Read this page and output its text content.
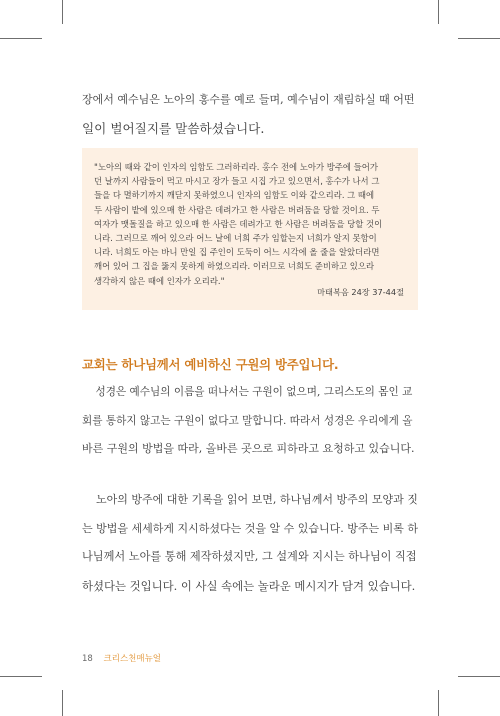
장에서 예수님은 노아의 홍수를 예로 들며, 예수님이 재림하실 때 어떤
일이 벌어질지를 말씀하셨습니다.
"노아의 때와 같이 인자의 임함도 그러하리라. 홍수 전에 노아가 방주에 들어가
던 날까지 사람들이 먹고 마시고 장가 들고 시집 가고 있으면서, 홍수가 나서 그
들을 다 멸하기까지 깨닫지 못하였으니 인자의 임함도 이와 같으리라. 그 때에
두 사람이 밭에 있으매 한 사람은 데려가고 한 사람은 버려둠을 당할 것이요. 두
여자가 맷돌질을 하고 있으매 한 사람은 데려가고 한 사람은 버려둠을 당할 것이
니라. 그러므로 깨어 있으라 어느 날에 너희 주가 임할는지 너희가 알지 못함이
니라. 너희도 아는 바니 만일 집 주인이 도둑이 어느 시각에 올 줄을 알았더라면
깨어 있어 그 집을 뚫지 못하게 하였으리라. 이러므로 너희도 준비하고 있으라
생각하지 않은 때에 인자가 오리라."
마태복음 24장 37-44절
교회는 하나님께서 예비하신 구원의 방주입니다.
성경은 예수님의 이름을 떠나서는 구원이 없으며, 그리스도의 몸인 교
회를 통하지 않고는 구원이 없다고 말합니다. 따라서 성경은 우리에게 올
바른 구원의 방법을 따라, 올바른 곳으로 피하라고 요청하고 있습니다.
노아의 방주에 대한 기록을 읽어 보면, 하나님께서 방주의 모양과 짓
는 방법을 세세하게 지시하셨다는 것을 알 수 있습니다. 방주는 비록 하
나님께서 노아를 통해 제작하셨지만, 그 설계와 지시는 하나님이 직접
하셨다는 것입니다. 이 사실 속에는 놀라운 메시지가 담겨 있습니다.
18 크리스천매뉴얼
